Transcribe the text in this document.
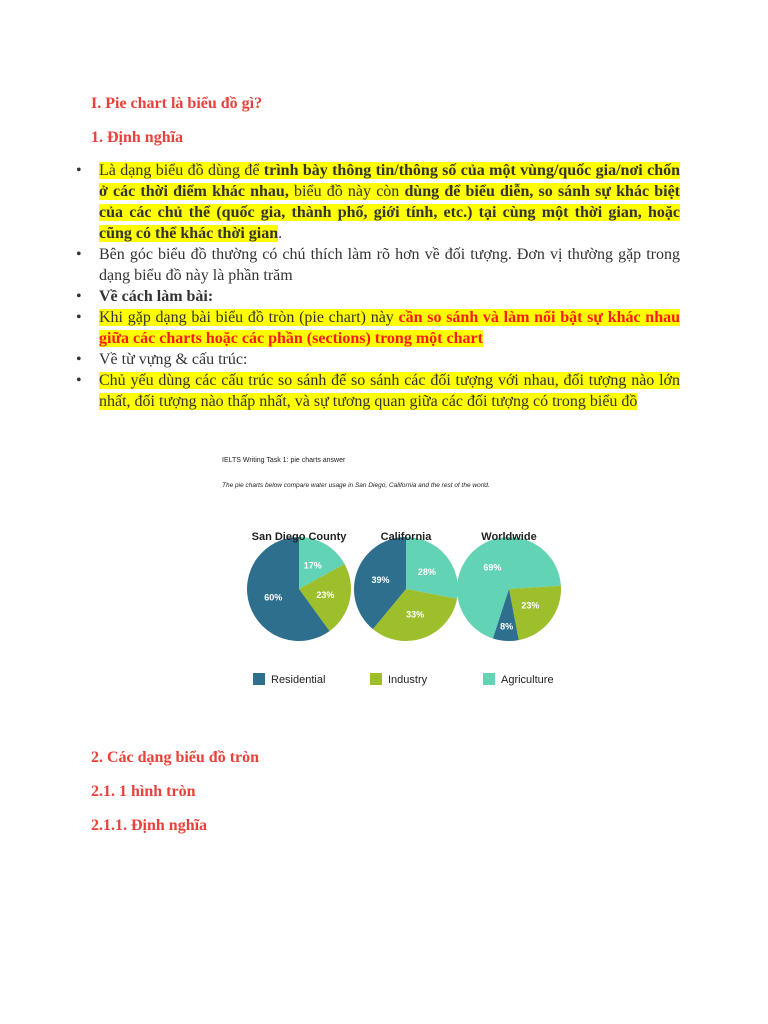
I. Pie chart là biểu đồ gì?
1. Định nghĩa
• Là dạng biểu đồ dùng để trình bày thông tin/thông số của một vùng/quốc gia/nơi chốn ở các thời điểm khác nhau, biểu đồ này còn dùng để biểu diễn, so sánh sự khác biệt của các chủ thể (quốc gia, thành phố, giới tính, etc.) tại cùng một thời gian, hoặc cũng có thể khác thời gian.
• Bên góc biểu đồ thường có chú thích làm rõ hơn về đối tượng. Đơn vị thường gặp trong dạng biểu đồ này là phần trăm
• Về cách làm bài:
• Khi gặp dạng bài biểu đồ tròn (pie chart) này cần so sánh và làm nổi bật sự khác nhau giữa các charts hoặc các phần (sections) trong một chart
• Về từ vựng & cấu trúc:
• Chủ yếu dùng các cấu trúc so sánh để so sánh các đối tượng với nhau, đối tượng nào lớn nhất, đối tượng nào thấp nhất, và sự tương quan giữa các đối tượng có trong biểu đồ
IELTS Writing Task 1: pie charts answer
The pie charts below compare water usage in San Diego, California and the rest of the world.
17%
23%
60%
San Diego County
28%
33%
39%
California
69%
23%
8%
Worldwide
Residential	Industry	Agriculture
2. Các dạng biểu đồ tròn
2.1. 1 hình tròn
2.1.1. Định nghĩa
